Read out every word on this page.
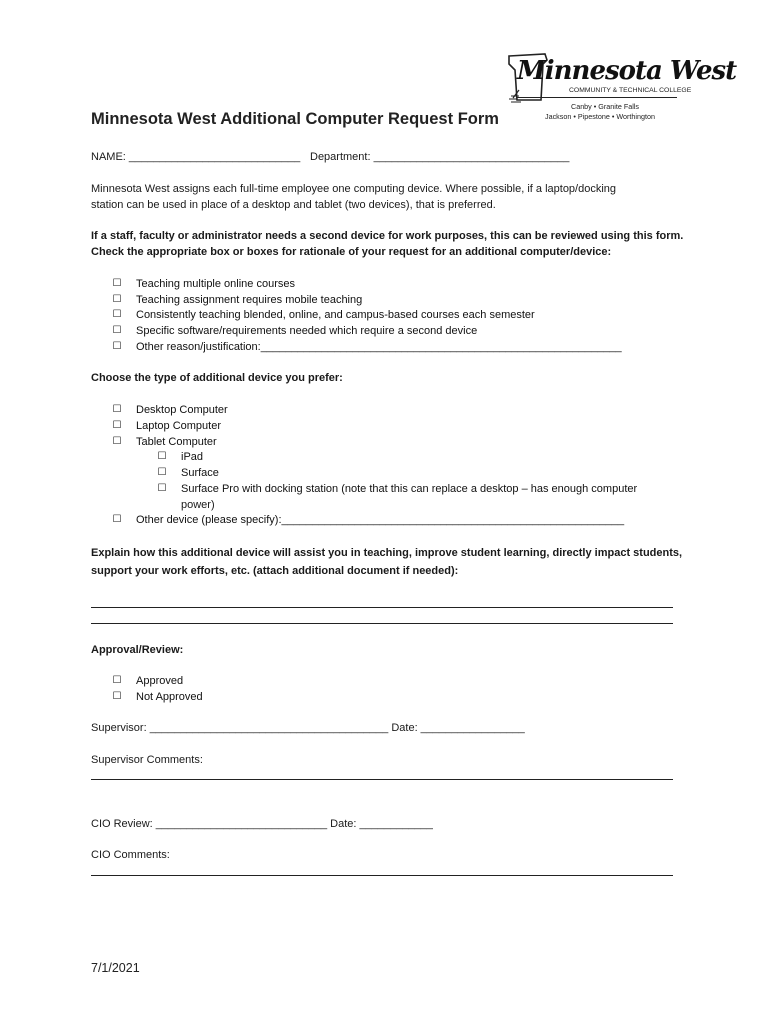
Minnesota West
COMMUNITY & TECHNICAL COLLEGE
Canby • Granite Falls
Jackson • Pipestone • Worthington
Minnesota West Additional Computer Request Form
NAME: ____________________________ Department: ________________________________
Minnesota West assigns each full-time employee one computing device. Where possible, if a laptop/docking
station can be used in place of a desktop and tablet (two devices), that is preferred.
If a staff, faculty or administrator needs a second device for work purposes, this can be reviewed using this form.
Check the appropriate box or boxes for rationale of your request for an additional computer/device:
☐ Teaching multiple online courses
☐ Teaching assignment requires mobile teaching
☐ Consistently teaching blended, online, and campus-based courses each semester
☐ Specific software/requirements needed which require a second device
☐ Other reason/justification:___________________________________________________________
Choose the type of additional device you prefer:
☐ Desktop Computer
☐ Laptop Computer
☐ Tablet Computer
☐ iPad
☐ Surface
☐ Surface Pro with docking station (note that this can replace a desktop – has enough computer
power)
☐ Other device (please specify):________________________________________________________
Explain how this additional device will assist you in teaching, improve student learning, directly impact students,
support your work efforts, etc. (attach additional document if needed):
Approval/Review:
☐ Approved
☐ Not Approved
Supervisor: _______________________________________ Date: _________________
Supervisor Comments:
CIO Review: ____________________________ Date: ____________
CIO Comments:
7/1/2021
